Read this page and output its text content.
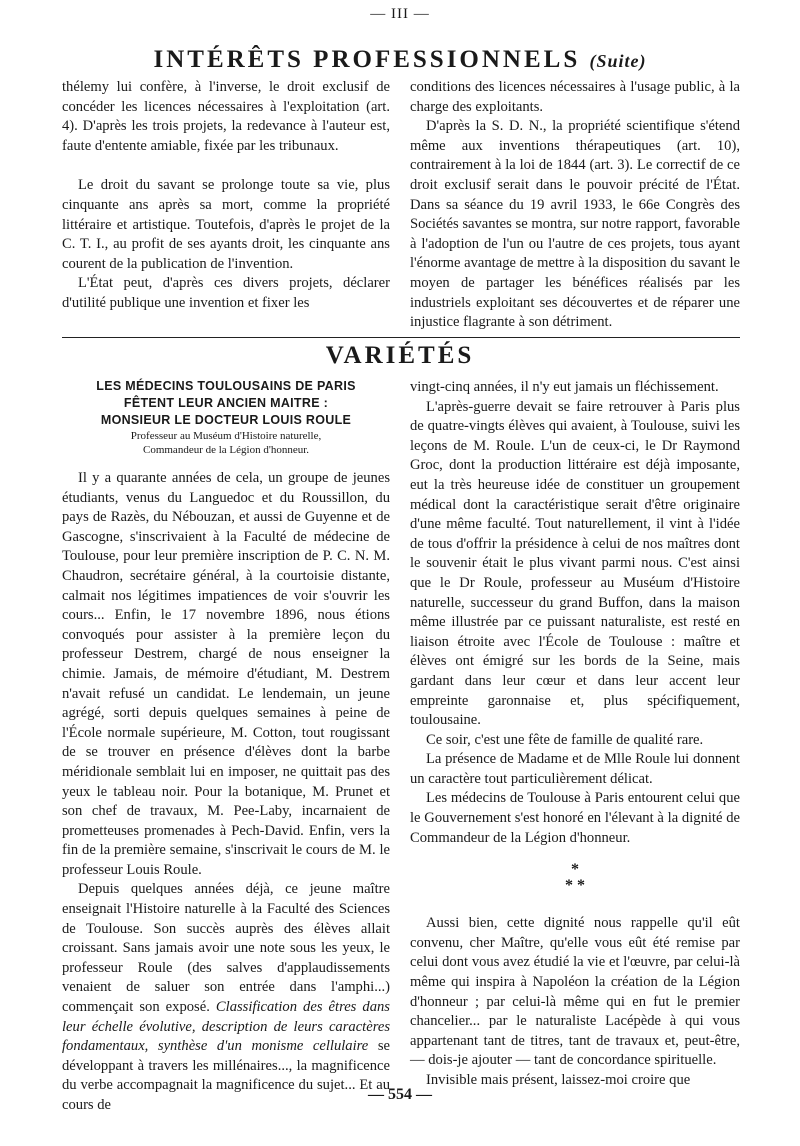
— III —
INTÉRÊTS PROFESSIONNELS (Suite)

thélemy lui confère, à l'inverse, le droit exclusif de concéder les licences nécessaires à l'exploitation (art. 4). D'après les trois projets, la redevance à l'auteur est, faute d'entente amiable, fixée par les tribunaux.

Le droit du savant se prolonge toute sa vie, plus cinquante ans après sa mort, comme la propriété littéraire et artistique. Toutefois, d'après le projet de la C. T. I., au profit de ses ayants droit, les cinquante ans courent de la publication de l'invention.

L'État peut, d'après ces divers projets, déclarer d'utilité publique une invention et fixer les

conditions des licences nécessaires à l'usage public, à la charge des exploitants.

D'après la S. D. N., la propriété scientifique s'étend même aux inventions thérapeutiques (art. 10), contrairement à la loi de 1844 (art. 3). Le correctif de ce droit exclusif serait dans le pouvoir précité de l'État. Dans sa séance du 19 avril 1933, le 66e Congrès des Sociétés savantes se montra, sur notre rapport, favorable à l'adoption de l'un ou l'autre de ces projets, tous ayant l'énorme avantage de mettre à la disposition du savant le moyen de partager les bénéfices réalisés par les industriels exploitant ses découvertes et de réparer une injustice flagrante à son détriment.

VARIÉTÉS
LES MÉDECINS TOULOUSAINS DE PARIS
FÊTENT LEUR ANCIEN MAITRE :
MONSIEUR LE DOCTEUR LOUIS ROULE
Professeur au Muséum d'Histoire naturelle,
Commandeur de la Légion d'honneur.

Il y a quarante années de cela, un groupe de jeunes étudiants, venus du Languedoc et du Roussillon, du pays de Razès, du Nébouzan, et aussi de Guyenne et de Gascogne, s'inscrivaient à la Faculté de médecine de Toulouse, pour leur première inscription de P. C. N. M. Chaudron, secrétaire général, à la courtoisie distante, calmait nos légitimes impatiences de voir s'ouvrir les cours... Enfin, le 17 novembre 1896, nous étions convoqués pour assister à la première leçon du professeur Destrem, chargé de nous enseigner la chimie. Jamais, de mémoire d'étudiant, M. Destrem n'avait refusé un candidat. Le lendemain, un jeune agrégé, sorti depuis quelques semaines à peine de l'École normale supérieure, M. Cotton, tout rougissant de se trouver en présence d'élèves dont la barbe méridionale semblait lui en imposer, ne quittait pas des yeux le tableau noir. Pour la botanique, M. Prunet et son chef de travaux, M. Pee-Laby, incarnaient de prometteuses promenades à Pech-David. Enfin, vers la fin de la première semaine, s'inscrivait le cours de M. le professeur Louis Roule.

Depuis quelques années déjà, ce jeune maître enseignait l'Histoire naturelle à la Faculté des Sciences de Toulouse. Son succès auprès des élèves allait croissant. Sans jamais avoir une note sous les yeux, le professeur Roule (des salves d'applaudissements venaient de saluer son entrée dans l'amphi...) commençait son exposé. Classification des êtres dans leur échelle évolutive, description de leurs caractères fondamentaux, synthèse d'un monisme cellulaire se développant à travers les millénaires..., la magnificence du verbe accompagnait la magnificence du sujet... Et au cours de

vingt-cinq années, il n'y eut jamais un fléchissement.

L'après-guerre devait se faire retrouver à Paris plus de quatre-vingts élèves qui avaient, à Toulouse, suivi les leçons de M. Roule. L'un de ceux-ci, le Dr Raymond Groc, dont la production littéraire est déjà imposante, eut la très heureuse idée de constituer un groupement médical dont la caractéristique serait d'être originaire d'une même faculté. Tout naturellement, il vint à l'idée de tous d'offrir la présidence à celui de nos maîtres dont le souvenir était le plus vivant parmi nous. C'est ainsi que le Dr Roule, professeur au Muséum d'Histoire naturelle, successeur du grand Buffon, dans la maison même illustrée par ce puissant naturaliste, est resté en liaison étroite avec l'École de Toulouse : maître et élèves ont émigré sur les bords de la Seine, mais gardant dans leur cœur et dans leur accent leur empreinte garonnaise et, plus spécifiquement, toulousaine.

Ce soir, c'est une fête de famille de qualité rare.

La présence de Madame et de Mlle Roule lui donnent un caractère tout particulièrement délicat.

Les médecins de Toulouse à Paris entourent celui que le Gouvernement s'est honoré en l'élevant à la dignité de Commandeur de la Légion d'honneur.

*
* *

Aussi bien, cette dignité nous rappelle qu'il eût convenu, cher Maître, qu'elle vous eût été remise par celui dont vous avez étudié la vie et l'œuvre, par celui-là même qui inspira à Napoléon la création de la Légion d'honneur ; par celui-là même qui en fut le premier chancelier... par le naturaliste Lacépède à qui vous appartenant tant de titres, tant de travaux et, peut-être, — dois-je ajouter — tant de concordance spirituelle.

Invisible mais présent, laissez-moi croire que

— 554 —
